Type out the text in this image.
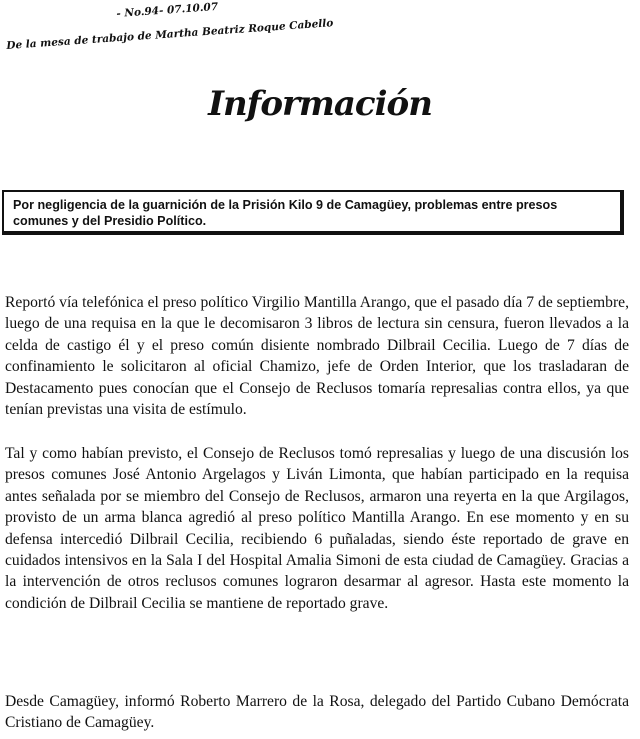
- No.94- 07.10.07
De la mesa de trabajo de Martha Beatriz Roque Cabello
Información

Por negligencia de la guarnición de la Prisión Kilo 9 de Camagüey, problemas entre presos comunes y del Presidio Político.

Reportó vía telefónica el preso político Virgilio Mantilla Arango, que el pasado día 7 de septiembre, luego de una requisa en la que le decomisaron 3 libros de lectura sin censura, fueron llevados a la celda de castigo él y el preso común disiente nombrado Dilbrail Cecilia. Luego de 7 días de confinamiento le solicitaron al oficial Chamizo, jefe de Orden Interior, que los trasladaran de Destacamento pues conocían que el Consejo de Reclusos tomaría represalias contra ellos, ya que tenían previstas una visita de estímulo.

Tal y como habían previsto, el Consejo de Reclusos tomó represalias y luego de una discusión los presos comunes José Antonio Argelagos y Liván Limonta, que habían participado en la requisa antes señalada por se miembro del Consejo de Reclusos, armaron una reyerta en la que Argilagos, provisto de un arma blanca agredió al preso político Mantilla Arango. En ese momento y en su defensa intercedió Dilbrail Cecilia, recibiendo 6 puñaladas, siendo éste reportado de grave en cuidados intensivos en la Sala I del Hospital Amalia Simoni de esta ciudad de Camagüey. Gracias a la intervención de otros reclusos comunes lograron desarmar al agresor. Hasta este momento la condición de Dilbrail Cecilia se mantiene de reportado grave.

Desde Camagüey, informó Roberto Marrero de la Rosa, delegado del Partido Cubano Demócrata Cristiano de Camagüey.
